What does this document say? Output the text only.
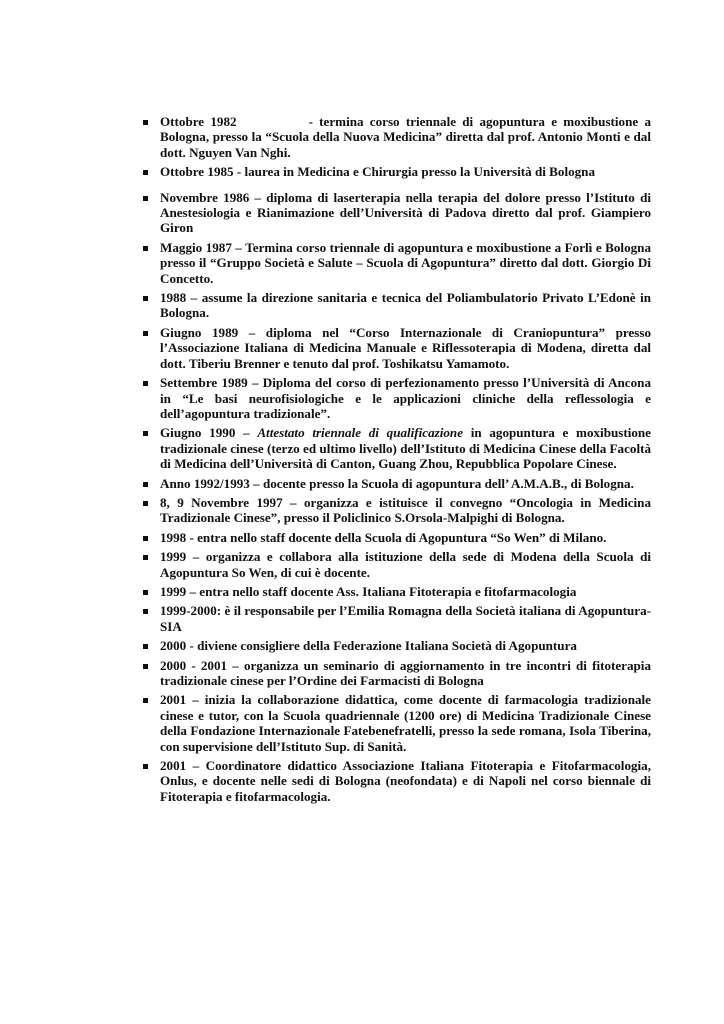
Ottobre 1982	- termina corso triennale di agopuntura e moxibustione a Bologna, presso la “Scuola della Nuova Medicina” diretta dal prof. Antonio Monti e dal dott. Nguyen Van Nghi.
Ottobre 1985 - laurea in Medicina e Chirurgia presso la Università di Bologna
Novembre 1986 – diploma di laserterapia nella terapia del dolore presso l’Istituto di Anestesiologia e Rianimazione dell’Università di Padova diretto dal prof. Giampiero Giron
Maggio 1987 – Termina corso triennale di agopuntura e moxibustione a Forlì e Bologna presso il “Gruppo Società e Salute – Scuola di Agopuntura” diretto dal dott. Giorgio Di Concetto.
1988 – assume la direzione sanitaria e tecnica del Poliambulatorio Privato L’Edonè in Bologna.
Giugno 1989 – diploma nel “Corso Internazionale di Craniopuntura” presso l’Associazione Italiana di Medicina Manuale e Riflessoterapia di Modena, diretta dal dott. Tiberiu Brenner e tenuto dal prof. Toshikatsu Yamamoto.
Settembre 1989 – Diploma del corso di perfezionamento presso l’Università di Ancona in “Le basi neurofisiologiche e le applicazioni cliniche della reflessologia e dell’agopuntura tradizionale”.
Giugno 1990 – Attestato triennale di qualificazione in agopuntura e moxibustione tradizionale cinese (terzo ed ultimo livello) dell’Istituto di Medicina Cinese della Facoltà di Medicina dell’Università di Canton, Guang Zhou, Repubblica Popolare Cinese.
Anno 1992/1993 – docente presso la Scuola di agopuntura dell’ A.M.A.B., di Bologna.
8, 9 Novembre 1997 – organizza e istituisce il convegno “Oncologia in Medicina Tradizionale Cinese”, presso il Policlinico S.Orsola-Malpighi di Bologna.
1998 - entra nello staff docente della Scuola di Agopuntura “So Wen” di Milano.
1999 – organizza e collabora alla istituzione della sede di Modena della Scuola di Agopuntura So Wen, di cui è docente.
1999 – entra nello staff docente Ass. Italiana Fitoterapia e fitofarmacologia
1999-2000: è il responsabile per l’Emilia Romagna della Società italiana di Agopuntura- SIA
2000 - diviene consigliere della Federazione Italiana Società di Agopuntura
2000 - 2001 – organizza un seminario di aggiornamento in tre incontri di fitoterapia tradizionale cinese per l’Ordine dei Farmacisti di Bologna
2001 – inizia la collaborazione didattica, come docente di farmacologia tradizionale cinese e tutor, con la Scuola quadriennale (1200 ore) di Medicina Tradizionale Cinese della Fondazione Internazionale Fatebenefratelli, presso la sede romana, Isola Tiberina, con supervisione dell’Istituto Sup. di Sanità.
2001 – Coordinatore didattico Associazione Italiana Fitoterapia e Fitofarmacologia, Onlus, e docente nelle sedi di Bologna (neofondata) e di Napoli nel corso biennale di Fitoterapia e fitofarmacologia.
